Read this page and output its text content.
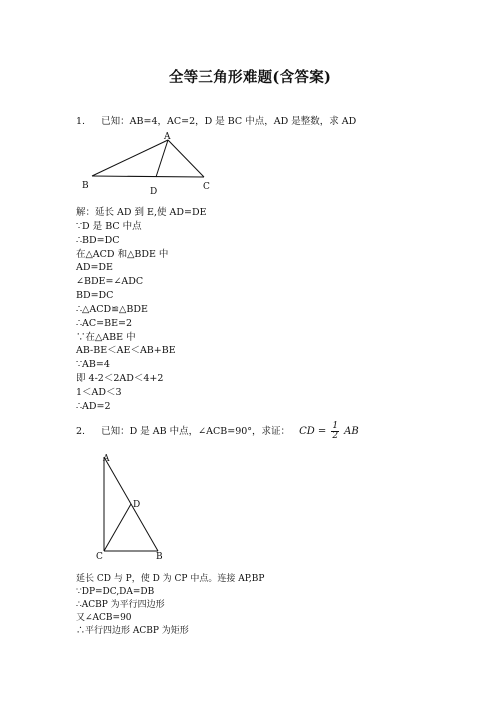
全等三角形难题(含答案)
1. 已知：AB=4，AC=2，D 是 BC 中点，AD 是整数，求 AD
A
B	C
D
A
C	B
D
解：延长 AD 到 E,使 AD=DE
∵D 是 BC 中点
∴BD=DC
在△ACD 和△BDE 中
AD=DE
∠BDE=∠ADC
BD=DC
∴△ACD≌△BDE
∴AC=BE=2
∵在△ABE 中
AB-BE＜AE＜AB+BE
∵AB=4
即 4-2＜2AD＜4+2
1＜AD＜3
∴AD=2
2. 已知：D 是 AB 中点，∠ACB=90°，求证： CD = $\frac{1}{2}$ AB
延长 CD 与 P，使 D 为 CP 中点。连接 AP,BP
∵DP=DC,DA=DB
∴ACBP 为平行四边形
又∠ACB=90
∴平行四边形 ACBP 为矩形
